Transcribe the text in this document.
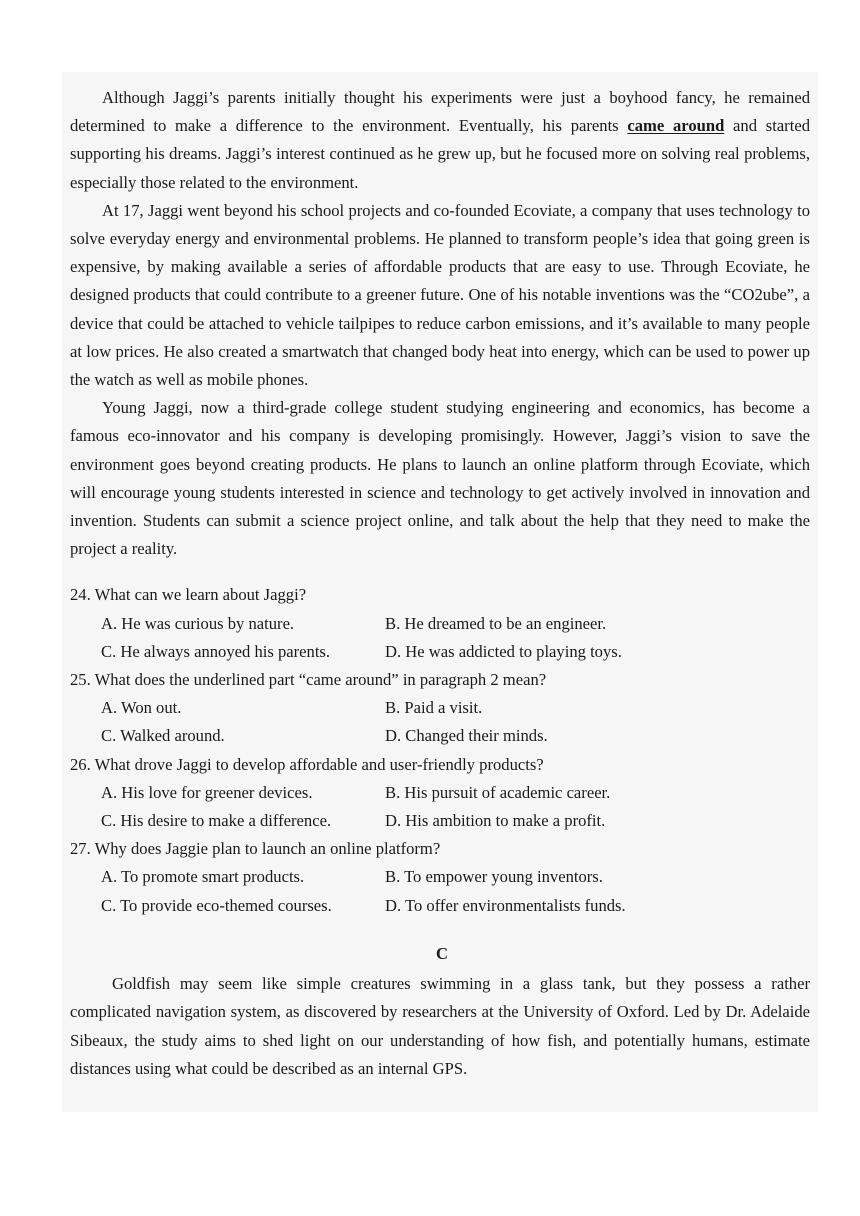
Although Jaggi’s parents initially thought his experiments were just a boyhood fancy, he remained determined to make a difference to the environment. Eventually, his parents came around and started supporting his dreams. Jaggi’s interest continued as he grew up, but he focused more on solving real problems, especially those related to the environment.

At 17, Jaggi went beyond his school projects and co-founded Ecoviate, a company that uses technology to solve everyday energy and environmental problems. He planned to transform people’s idea that going green is expensive, by making available a series of affordable products that are easy to use. Through Ecoviate, he designed products that could contribute to a greener future. One of his notable inventions was the “CO2ube”, a device that could be attached to vehicle tailpipes to reduce carbon emissions, and it’s available to many people at low prices. He also created a smartwatch that changed body heat into energy, which can be used to power up the watch as well as mobile phones.

Young Jaggi, now a third-grade college student studying engineering and economics, has become a famous eco-innovator and his company is developing promisingly. However, Jaggi’s vision to save the environment goes beyond creating products. He plans to launch an online platform through Ecoviate, which will encourage young students interested in science and technology to get actively involved in innovation and invention. Students can submit a science project online, and talk about the help that they need to make the project a reality.

24. What can we learn about Jaggi?

A. He was curious by nature.	B. He dreamed to be an engineer.

C. He always annoyed his parents.	D. He was addicted to playing toys.

25. What does the underlined part “came around” in paragraph 2 mean?

A. Won out.	B. Paid a visit.

C. Walked around.	D. Changed their minds.

26. What drove Jaggi to develop affordable and user-friendly products?

A. His love for greener devices.	B. His pursuit of academic career.

C. His desire to make a difference.	D. His ambition to make a profit.

27. Why does Jaggie plan to launch an online platform?

A. To promote smart products.	B. To empower young inventors.

C. To provide eco-themed courses.	D. To offer environmentalists funds.

C

Goldfish may seem like simple creatures swimming in a glass tank, but they possess a rather complicated navigation system, as discovered by researchers at the University of Oxford. Led by Dr. Adelaide Sibeaux, the study aims to shed light on our understanding of how fish, and potentially humans, estimate distances using what could be described as an internal GPS.
